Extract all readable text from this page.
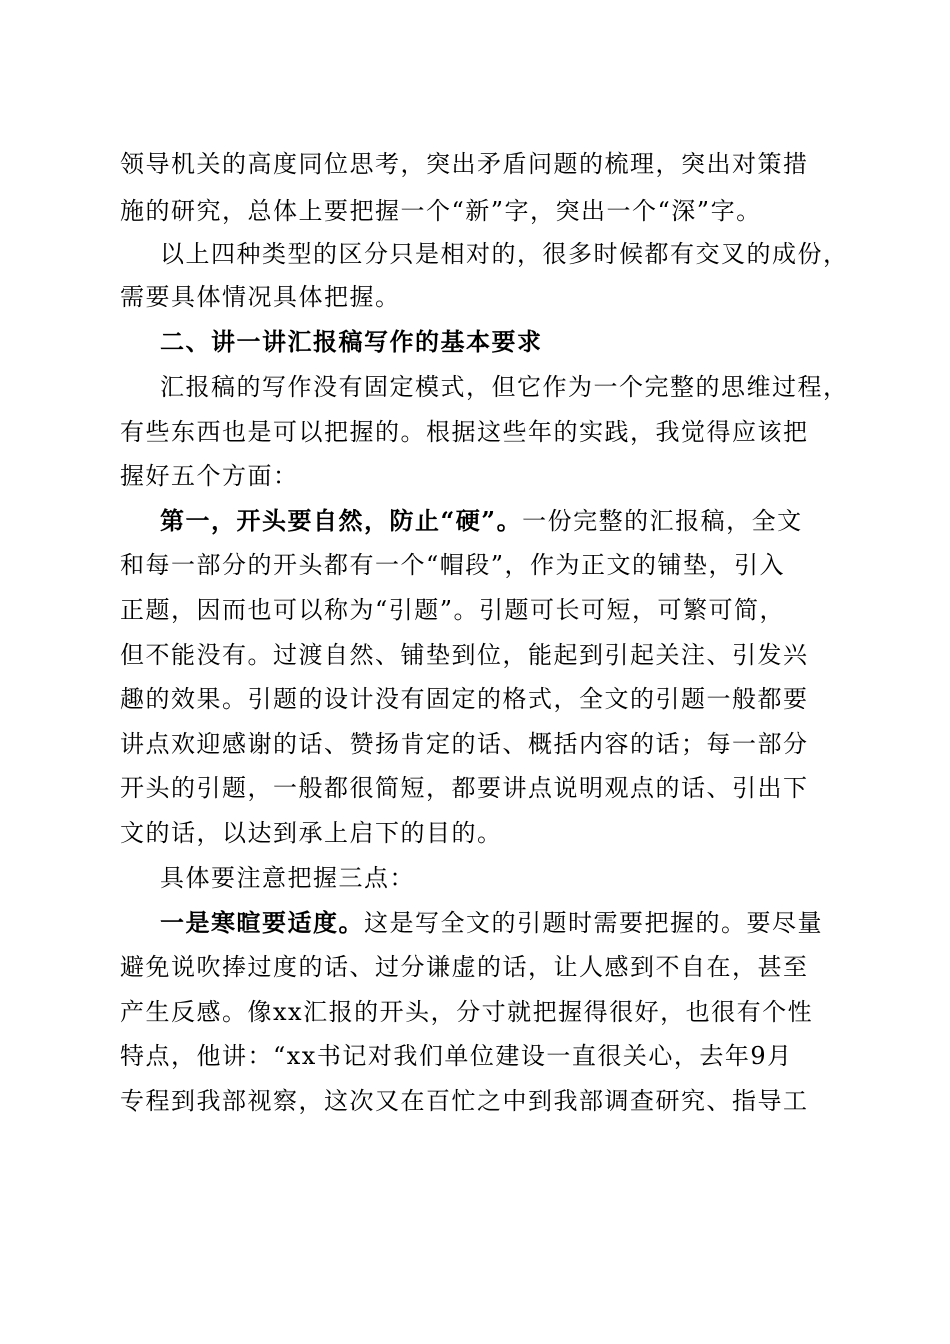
领导机关的高度同位思考，突出矛盾问题的梳理，突出对策措
施的研究，总体上要把握一个“新”字，突出一个“深”字。
以上四种类型的区分只是相对的，很多时候都有交叉的成份，
需要具体情况具体把握。
二、讲一讲汇报稿写作的基本要求
汇报稿的写作没有固定模式，但它作为一个完整的思维过程，
有些东西也是可以把握的。根据这些年的实践，我觉得应该把
握好五个方面：
第一，开头要自然，防止“硬”。一份完整的汇报稿，全文
和每一部分的开头都有一个“帽段”，作为正文的铺垫，引入
正题，因而也可以称为“引题”。引题可长可短，可繁可简，
但不能没有。过渡自然、铺垫到位，能起到引起关注、引发兴
趣的效果。引题的设计没有固定的格式，全文的引题一般都要
讲点欢迎感谢的话、赞扬肯定的话、概括内容的话；每一部分
开头的引题，一般都很简短，都要讲点说明观点的话、引出下
文的话，以达到承上启下的目的。
具体要注意把握三点：
一是寒暄要适度。这是写全文的引题时需要把握的。要尽量
避免说吹捧过度的话、过分谦虚的话，让人感到不自在，甚至
产生反感。像xx汇报的开头，分寸就把握得很好，也很有个性
特点，他讲：“xx书记对我们单位建设一直很关心，去年9月
专程到我部视察，这次又在百忙之中到我部调查研究、指导工
